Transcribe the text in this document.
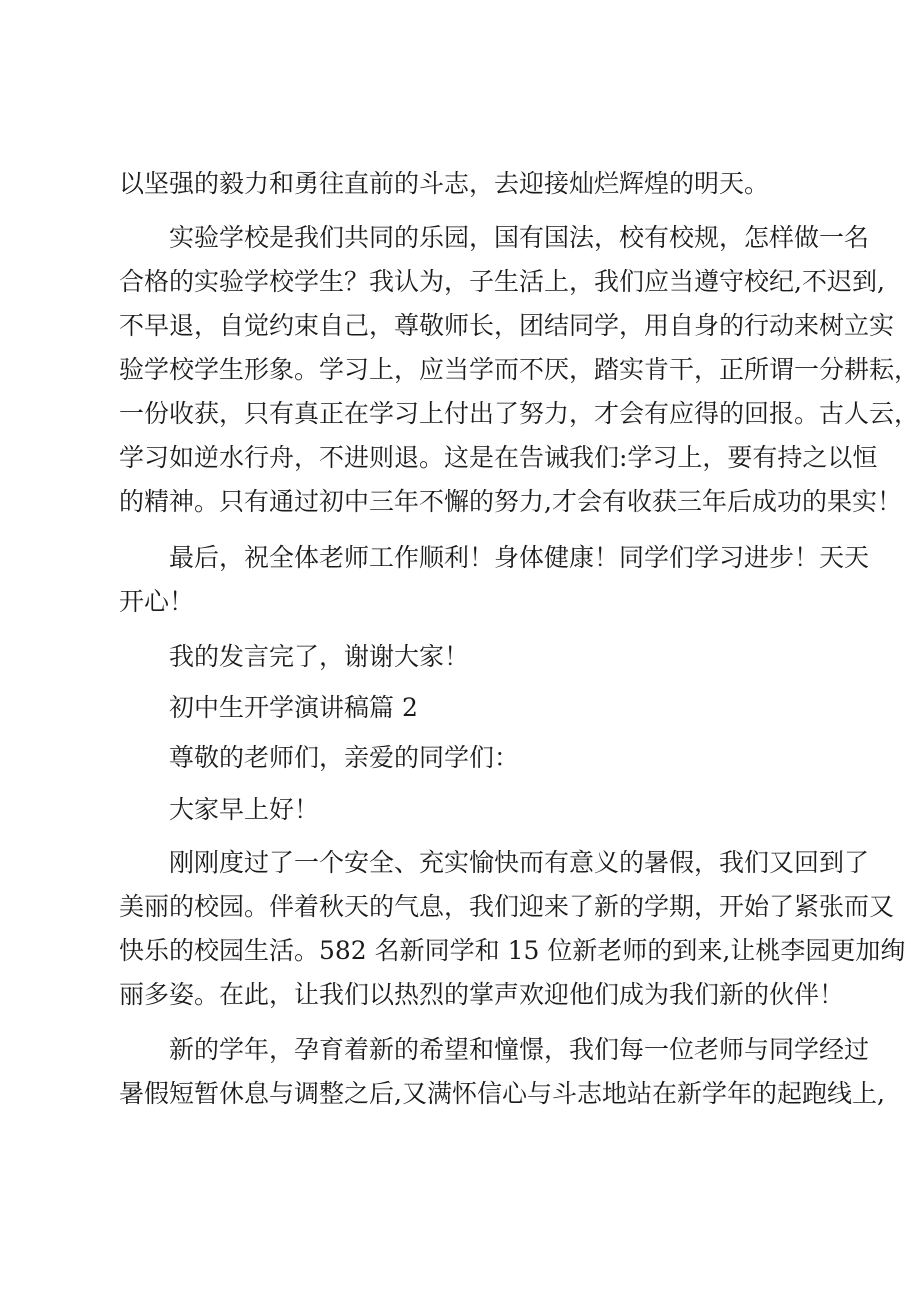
以坚强的毅力和勇往直前的斗志，去迎接灿烂辉煌的明天。
实验学校是我们共同的乐园，国有国法，校有校规，怎样做一名
合格的实验学校学生？我认为，子生活上，我们应当遵守校纪,不迟到,
不早退，自觉约束自己，尊敬师长，团结同学，用自身的行动来树立实
验学校学生形象。学习上，应当学而不厌，踏实肯干，正所谓一分耕耘，
一份收获，只有真正在学习上付出了努力，才会有应得的回报。古人云，
学习如逆水行舟，不进则退。这是在告诫我们:学习上，要有持之以恒
的精神。只有通过初中三年不懈的努力,才会有收获三年后成功的果实！
最后，祝全体老师工作顺利！身体健康！同学们学习进步！天天
开心！
我的发言完了，谢谢大家！
初中生开学演讲稿篇 2
尊敬的老师们，亲爱的同学们：
大家早上好！
刚刚度过了一个安全、充实愉快而有意义的暑假，我们又回到了
美丽的校园。伴着秋天的气息，我们迎来了新的学期，开始了紧张而又
快乐的校园生活。582 名新同学和 15 位新老师的到来,让桃李园更加绚
丽多姿。在此，让我们以热烈的掌声欢迎他们成为我们新的伙伴！
新的学年，孕育着新的希望和憧憬，我们每一位老师与同学经过
暑假短暂休息与调整之后,又满怀信心与斗志地站在新学年的起跑线上,
